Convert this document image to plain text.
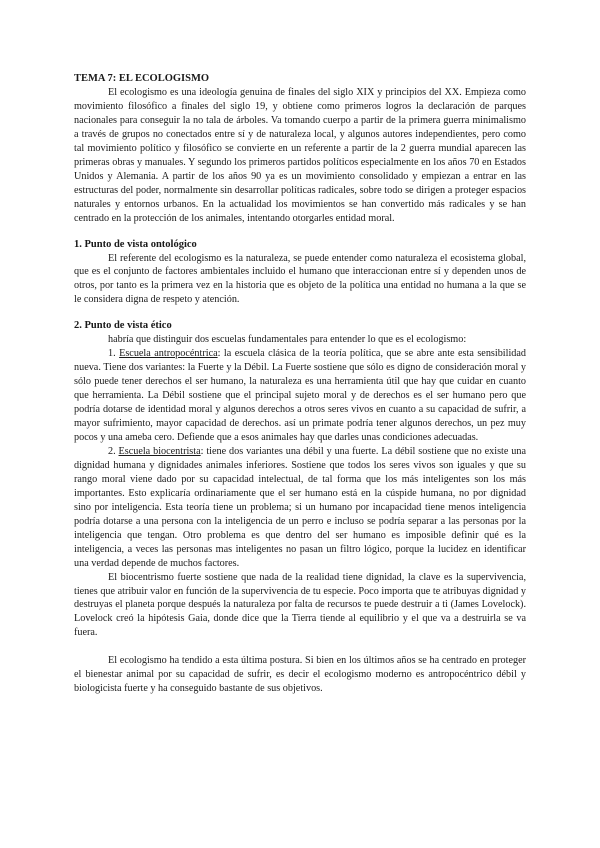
TEMA 7: EL ECOLOGISMO

El ecologismo es una ideología genuina de finales del siglo XIX y principios del XX. Empieza como movimiento filosófico a finales del siglo 19, y obtiene como primeros logros la declaración de parques nacionales para conseguir la no tala de árboles. Va tomando cuerpo a partir de la primera guerra minimalismo a través de grupos no conectados entre sí y de naturaleza local, y algunos autores independientes, pero como tal movimiento político y filosófico se convierte en un referente a partir de la 2 guerra mundial aparecen las primeras obras y manuales. Y segundo los primeros partidos políticos especialmente en los años 70 en Estados Unidos y Alemania. A partir de los años 90 ya es un movimiento consolidado y empiezan a entrar en las estructuras del poder, normalmente sin desarrollar políticas radicales, sobre todo se dirigen a proteger espacios naturales y entornos urbanos. En la actualidad los movimientos se han convertido más radicales y se han centrado en la protección de los animales, intentando otorgarles entidad moral.

1. Punto de vista ontológico

El referente del ecologismo es la naturaleza, se puede entender como naturaleza el ecosistema global, que es el conjunto de factores ambientales incluido el humano que interaccionan entre sí y dependen unos de otros, por tanto es la primera vez en la historia que es objeto de la política una entidad no humana a la que se le considera digna de respeto y atención.

2. Punto de vista ético

habría que distinguir dos escuelas fundamentales para entender lo que es el ecologismo:

1. Escuela antropocéntrica: la escuela clásica de la teoría política, que se abre ante esta sensibilidad nueva. Tiene dos variantes: la Fuerte y la Débil. La Fuerte sostiene que sólo es digno de consideración moral y sólo puede tener derechos el ser humano, la naturaleza es una herramienta útil que hay que cuidar en cuanto que herramienta. La Débil sostiene que el principal sujeto moral y de derechos es el ser humano pero que podría dotarse de identidad moral y algunos derechos a otros seres vivos en cuanto a su capacidad de sufrir, a mayor sufrimiento, mayor capacidad de derechos. así un primate podría tener algunos derechos, un pez muy pocos y una ameba cero. Defiende que a esos animales hay que darles unas condiciones adecuadas.

2. Escuela biocentrista: tiene dos variantes una débil y una fuerte. La débil sostiene que no existe una dignidad humana y dignidades animales inferiores. Sostiene que todos los seres vivos son iguales y que su rango moral viene dado por su capacidad intelectual, de tal forma que los más inteligentes son los más importantes. Esto explicaría ordinariamente que el ser humano está en la cúspide humana, no por dignidad sino por inteligencia. Esta teoría tiene un problema; si un humano por incapacidad tiene menos inteligencia podría dotarse a una persona con la inteligencia de un perro e incluso se podría separar a las personas por la inteligencia que tengan. Otro problema es que dentro del ser humano es imposible definir qué es la inteligencia, a veces las personas mas inteligentes no pasan un filtro lógico, porque la lucidez en identificar una verdad depende de muchos factores.

El biocentrismo fuerte sostiene que nada de la realidad tiene dignidad, la clave es la supervivencia, tienes que atribuir valor en función de la supervivencia de tu especie. Poco importa que te atribuyas dignidad y destruyas el planeta porque después la naturaleza por falta de recursos te puede destruir a ti (James Lovelock). Lovelock creó la hipótesis Gaia, donde dice que la Tierra tiende al equilibrio y el que va a destruirla se va fuera.

El ecologismo ha tendido a esta última postura. Si bien en los últimos años se ha centrado en proteger el bienestar animal por su capacidad de sufrir, es decir el ecologismo moderno es antropocéntrico débil y biologicista fuerte y ha conseguido bastante de sus objetivos.
